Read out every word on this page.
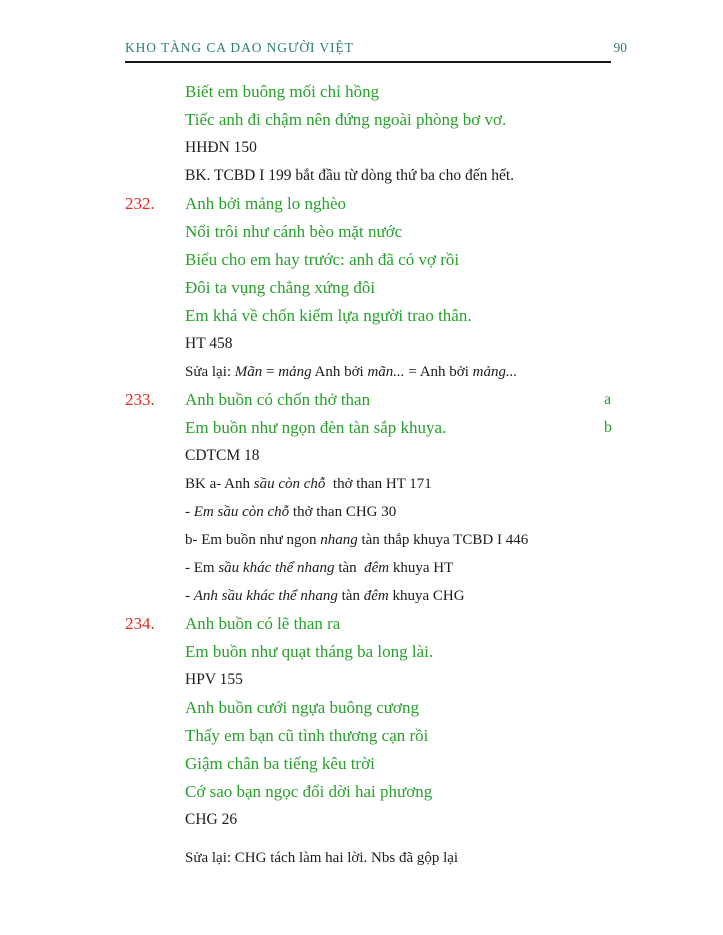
KHO TÀNG CA DAO NGƯỜI VIỆT	90
Biết em buông mối chỉ hồng
Tiếc anh đi chậm nên đứng ngoài phòng bơ vơ.
HHĐN 150
BK. TCBD I 199 bắt đầu từ dòng thứ ba cho đến hết.
232. Anh bởi mảng lo nghèo
Nổi trôi như cánh bèo mặt nước
Biểu cho em hay trước: anh đã có vợ rồi
Đôi ta vụng chẳng xứng đôi
Em khá về chốn kiếm lựa người trao thân.
HT 458
Sửa lại: Mãn = mảng Anh bởi mãn... = Anh bởi mảng...
233. Anh buồn có chốn thở than	a
Em buồn như ngọn đèn tàn sắp khuya.	b
CDTCM 18
BK a- Anh sầu còn chỗ  thở than HT 171
- Em sầu còn chỗ thở than CHG 30
b- Em buồn như ngon nhang tàn thắp khuya TCBD I 446
- Em sầu khác thể nhang tàn  đêm khuya HT
- Anh sầu khác thể nhang tàn đêm khuya CHG
234. Anh buồn có lẽ than ra
Em buồn như quạt tháng ba long lài.
HPV 155
Anh buồn cưới ngựa buông cương
Thấy em bạn cũ tình thương cạn rồi
Giậm chân ba tiếng kêu trời
Cớ sao bạn ngọc đổi dời hai phương
CHG 26
Sửa lại: CHG tách làm hai lời. Nbs đã gộp lại
